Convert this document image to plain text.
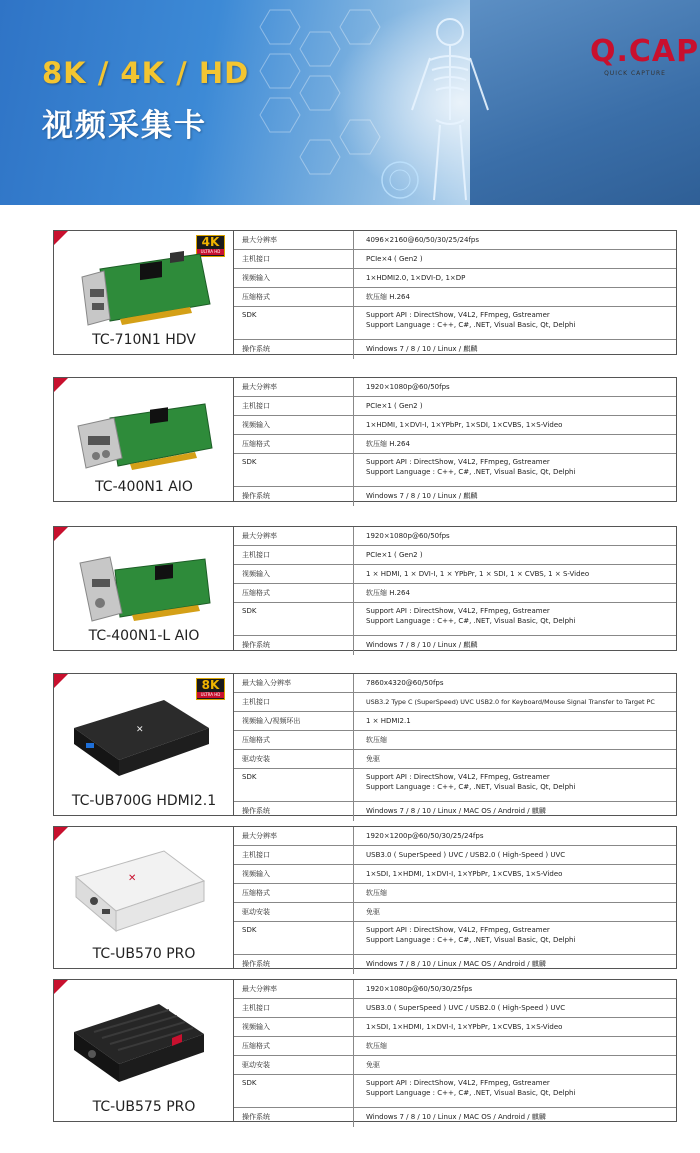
8K / 4K / HD
视频采集卡
Q.CAP
QUICK CAPTURE
4K
ULTRA HD
TC-710N1 HDV
最大分辨率	4096×2160@60/50/30/25/24fps
主机接口	PCIe×4 ( Gen2 )
视频输入	1×HDMI2.0, 1×DVI-D, 1×DP
压缩格式	软压缩 H.264
SDK	Support API : DirectShow, V4L2, FFmpeg, Gstreamer
Support Language : C++, C#, .NET, Visual Basic, Qt, Delphi
操作系统	Windows 7 / 8 / 10 / Linux / 麒麟
TC-400N1 AIO
最大分辨率	1920×1080p@60/50fps
主机接口	PCIe×1 ( Gen2 )
视频输入	1×HDMI, 1×DVI-I, 1×YPbPr, 1×SDI, 1×CVBS, 1×S-Video
压缩格式	软压缩 H.264
SDK	Support API : DirectShow, V4L2, FFmpeg, Gstreamer
Support Language : C++, C#, .NET, Visual Basic, Qt, Delphi
操作系统	Windows 7 / 8 / 10 / Linux / 麒麟
TC-400N1-L AIO
最大分辨率	1920×1080p@60/50fps
主机接口	PCIe×1 ( Gen2 )
视频输入	1 × HDMI, 1 × DVI-I, 1 × YPbPr, 1 × SDI, 1 × CVBS, 1 × S-Video
压缩格式	软压缩 H.264
SDK	Support API : DirectShow, V4L2, FFmpeg, Gstreamer
Support Language : C++, C#, .NET, Visual Basic, Qt, Delphi
操作系统	Windows 7 / 8 / 10 / Linux / 麒麟
8K
ULTRA HD
✕
TC-UB700G HDMI2.1
最大输入分辨率	7860x4320@60/50fps
主机接口	USB3.2 Type C (SuperSpeed) UVC USB2.0 for Keyboard/Mouse Signal Transfer to Target PC
视频输入/视频环出	1 × HDMI2.1
压缩格式	软压缩
驱动安装	免驱
SDK	Support API : DirectShow, V4L2, FFmpeg, Gstreamer
Support Language : C++, C#, .NET, Visual Basic, Qt, Delphi
操作系统	Windows 7 / 8 / 10 / Linux / MAC OS / Android / 麒麟
✕
TC-UB570 PRO
最大分辨率	1920×1200p@60/50/30/25/24fps
主机接口	USB3.0 ( SuperSpeed ) UVC / USB2.0 ( High-Speed ) UVC
视频输入	1×SDI, 1×HDMI, 1×DVI-I, 1×YPbPr, 1×CVBS, 1×S-Video
压缩格式	软压缩
驱动安装	免驱
SDK	Support API : DirectShow, V4L2, FFmpeg, Gstreamer
Support Language : C++, C#, .NET, Visual Basic, Qt, Delphi
操作系统	Windows 7 / 8 / 10 / Linux / MAC OS / Android / 麒麟
TC-UB575 PRO
最大分辨率	1920×1080p@60/50/30/25fps
主机接口	USB3.0 ( SuperSpeed ) UVC / USB2.0 ( High-Speed ) UVC
视频输入	1×SDI, 1×HDMI, 1×DVI-I, 1×YPbPr, 1×CVBS, 1×S-Video
压缩格式	软压缩
驱动安装	免驱
SDK	Support API : DirectShow, V4L2, FFmpeg, Gstreamer
Support Language : C++, C#, .NET, Visual Basic, Qt, Delphi
操作系统	Windows 7 / 8 / 10 / Linux / MAC OS / Android / 麒麟
